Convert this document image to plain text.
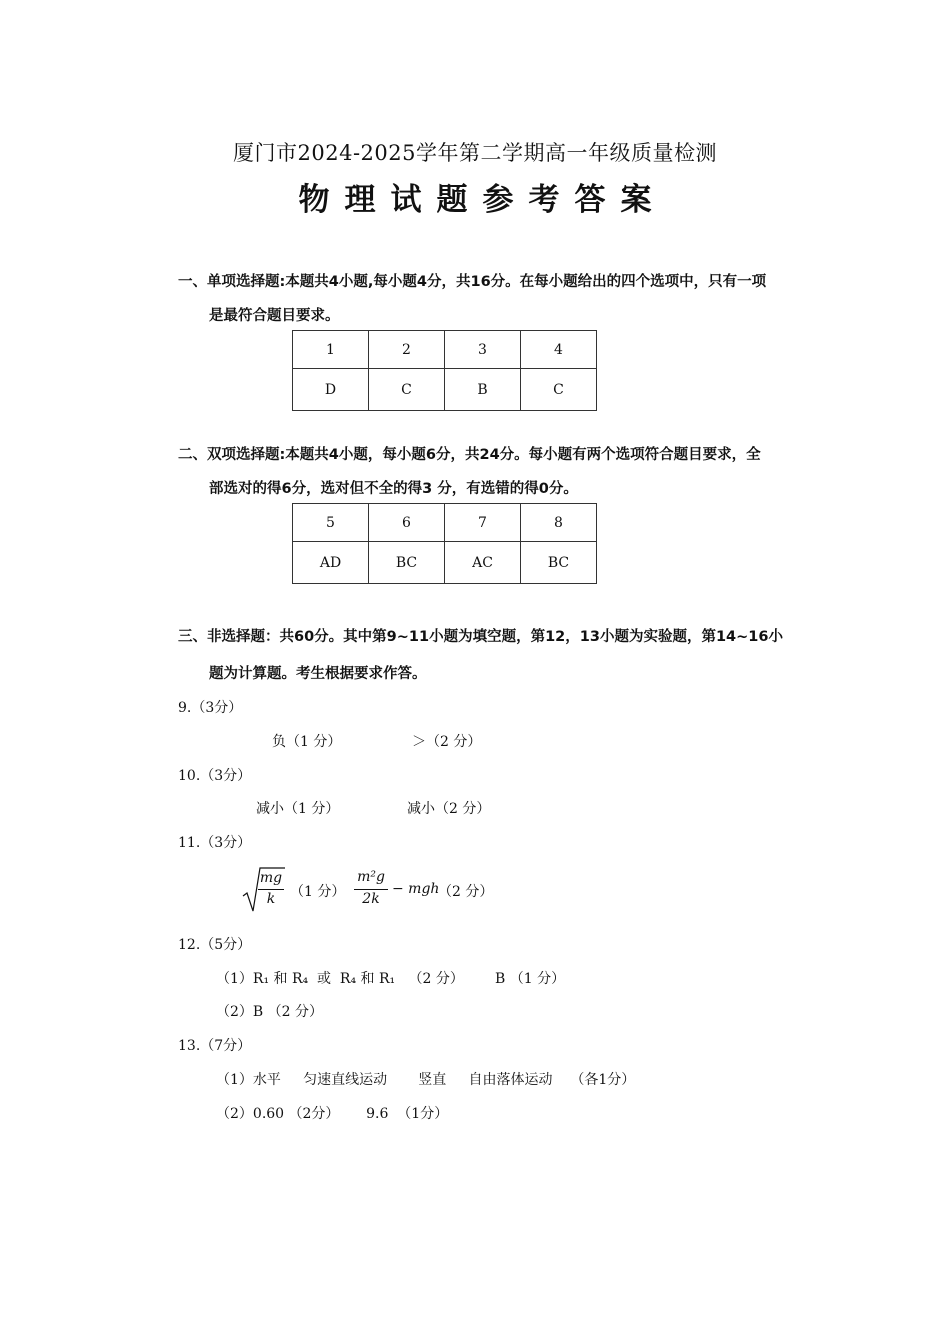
厦门市2024-2025学年第二学期高一年级质量检测
物理试题参考答案
一、单项选择题:本题共4小题,每小题4分，共16分。在每小题给出的四个选项中，只有一项
是最符合题目要求。
1	2	3	4
D	C	B	C
二、双项选择题:本题共4小题，每小题6分，共24分。每小题有两个选项符合题目要求，全
部选对的得6分，选对但不全的得3 分，有选错的得0分。
5	6	7	8
AD	BC	AC	BC
三、非选择题：共60分。其中第9~11小题为填空题，第12，13小题为实验题，第14~16小
题为计算题。考生根据要求作答。
9.（3分）
负（1 分）	＞（2 分）
10.（3分）
减小（1 分）	减小（2 分）
11.（3分）
mg
k	（1 分）
m²g
2k
− mgh
（2 分）
12.（5分）
（1）R₁ 和 R₄  或  R₄ 和 R₁   （2 分）       B （1 分）
（2）B （2 分）
13.（7分）
（1）水平     匀速直线运动       竖直     自由落体运动    （各1分）
（2）0.60 （2分）      9.6  （1分）
